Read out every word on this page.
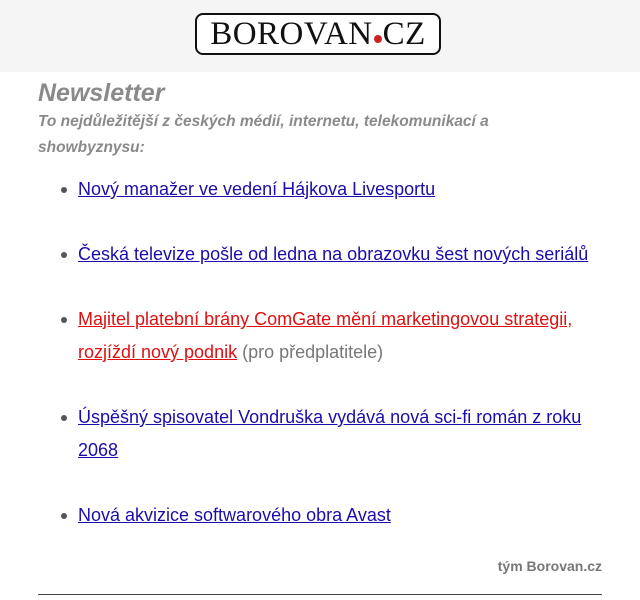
BOROVAN CZ
Newsletter

To nejdůležitější z českých médií, internetu, telekomunikací a showbyznysu:

Nový manažer ve vedení Hájkova Livesportu
Česká televize pošle od ledna na obrazovku šest nových seriálů
Majitel platební brány ComGate mění marketingovou strategii, rozjíždí nový podnik (pro předplatitele)
Úspěšný spisovatel Vondruška vydává nová sci-fi román z roku 2068
Nová akvizice softwarového obra Avast
tým Borovan.cz
